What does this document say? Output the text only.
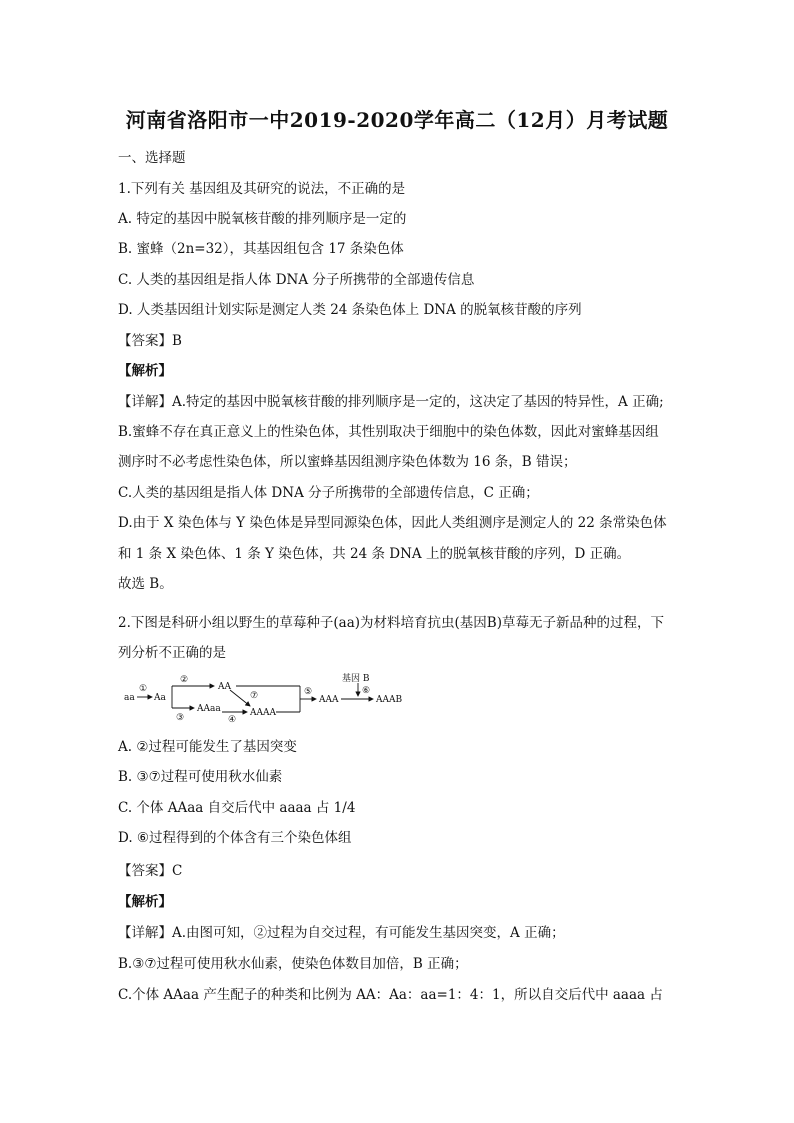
河南省洛阳市一中2019-2020学年高二（12月）月考试题
一、选择题
1.下列有关 基因组及其研究的说法，不正确的是
A. 特定的基因中脱氧核苷酸的排列顺序是一定的
B. 蜜蜂（2n=32），其基因组包含 17 条染色体
C. 人类的基因组是指人体 DNA 分子所携带的全部遗传信息
D. 人类基因组计划实际是测定人类 24 条染色体上 DNA 的脱氧核苷酸的序列
【答案】B
【解析】
【详解】A.特定的基因中脱氧核苷酸的排列顺序是一定的，这决定了基因的特异性，A 正确;
B.蜜蜂不存在真正意义上的性染色体，其性别取决于细胞中的染色体数，因此对蜜蜂基因组
测序时不必考虑性染色体，所以蜜蜂基因组测序染色体数为 16 条，B 错误；
C.人类的基因组是指人体 DNA 分子所携带的全部遗传信息，C 正确；
D.由于 X 染色体与 Y 染色体是异型同源染色体，因此人类组测序是测定人的 22 条常染色体
和 1 条 X 染色体、1 条 Y 染色体，共 24 条 DNA 上的脱氧核苷酸的序列，D 正确。
故选 B。
2.下图是科研小组以野生的草莓种子(aa)为材料培育抗虫(基因B)草莓无子新品种的过程，下
列分析不正确的是
aa
①
Aa
②
AA
③
AAaa
④
⑦
AAAA
⑤
AAA
基因 B
⑥
AAAB
A. ②过程可能发生了基因突变
B. ③⑦过程可使用秋水仙素
C. 个体 AAaa 自交后代中 aaaa 占 1/4
D. ⑥过程得到的个体含有三个染色体组
【答案】C
【解析】
【详解】A.由图可知，②过程为自交过程，有可能发生基因突变，A 正确；
B.③⑦过程可使用秋水仙素，使染色体数目加倍，B 正确；
C.个体 AAaa 产生配子的种类和比例为 AA：Aa：aa=1：4：1，所以自交后代中 aaaa 占
